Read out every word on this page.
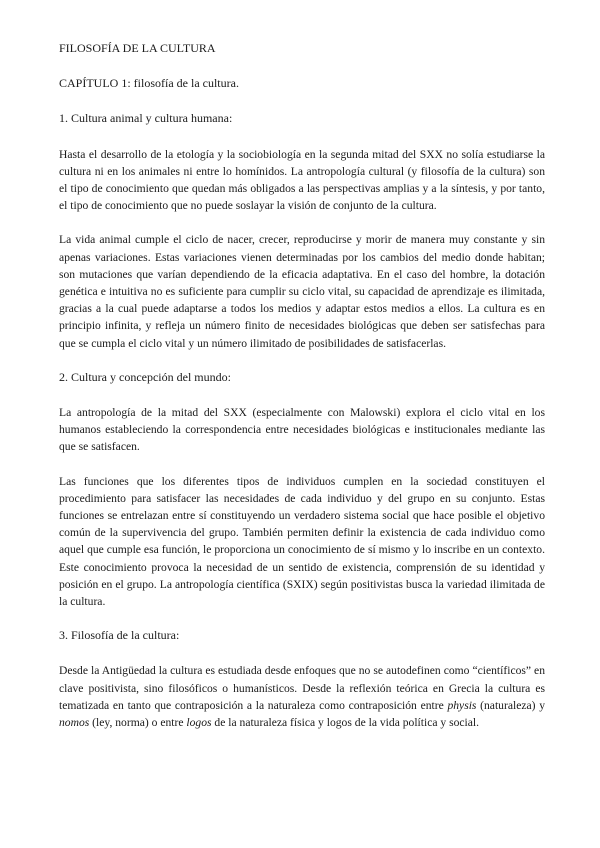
FILOSOFÍA DE LA CULTURA

CAPÍTULO 1: filosofía de la cultura.

1. Cultura animal y cultura humana:

Hasta el desarrollo de la etología y la sociobiología en la segunda mitad del SXX no solía estudiarse la cultura ni en los animales ni entre lo homínidos. La antropología cultural (y filosofía de la cultura) son el tipo de conocimiento que quedan más obligados a las perspectivas amplias y a la síntesis, y por tanto, el tipo de conocimiento que no puede soslayar la visión de conjunto de la cultura.

La vida animal cumple el ciclo de nacer, crecer, reproducirse y morir de manera muy constante y sin apenas variaciones. Estas variaciones vienen determinadas por los cambios del medio donde habitan; son mutaciones que varían dependiendo de la eficacia adaptativa. En el caso del hombre, la dotación genética e intuitiva no es suficiente para cumplir su ciclo vital, su capacidad de aprendizaje es ilimitada, gracias a la cual puede adaptarse a todos los medios y adaptar estos medios a ellos. La cultura es en principio infinita, y refleja un número finito de necesidades biológicas que deben ser satisfechas para que se cumpla el ciclo vital y un número ilimitado de posibilidades de satisfacerlas.

2. Cultura y concepción del mundo:

La antropología de la mitad del SXX (especialmente con Malowski) explora el ciclo vital en los humanos estableciendo la correspondencia entre necesidades biológicas e institucionales mediante las que se satisfacen.

Las funciones que los diferentes tipos de individuos cumplen en la sociedad constituyen el procedimiento para satisfacer las necesidades de cada individuo y del grupo en su conjunto. Estas funciones se entrelazan entre sí constituyendo un verdadero sistema social que hace posible el objetivo común de la supervivencia del grupo. También permiten definir la existencia de cada individuo como aquel que cumple esa función, le proporciona un conocimiento de sí mismo y lo inscribe en un contexto. Este conocimiento provoca la necesidad de un sentido de existencia, comprensión de su identidad y posición en el grupo. La antropología científica (SXIX) según positivistas busca la variedad ilimitada de la cultura.

3. Filosofía de la cultura:

Desde la Antigüedad la cultura es estudiada desde enfoques que no se autodefinen como “científicos” en clave positivista, sino filosóficos o humanísticos. Desde la reflexión teórica en Grecia la cultura es tematizada en tanto que contraposición a la naturaleza como contraposición entre physis (naturaleza) y nomos (ley, norma) o entre logos de la naturaleza física y logos de la vida política y social.
